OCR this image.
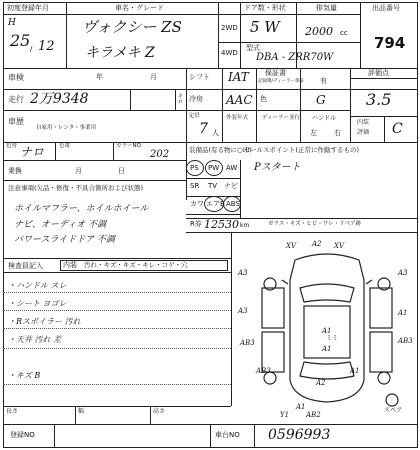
初度登録年月
H
25 12
/
車名・グレード
ヴォクシー ZS
キラメキ Z
2WD
4WD
ドア数・形状
5 W
排気量
2000 cc
型式
DBA - ZRR70W
出品番号
794
車検	年	月	シフト IAT 保証書
記録簿/ディーラー保証 有
評価点
3.5
走行 2万9348	キロ 冷房 AAC 色	G
車歴
自家用・レンタ・事業用
定員
7 人
外装年式	ディーラー並行 ハンドル
左 右
内装
評価 C
色替 ナロ	色番	カラーNO
202
乗換	月	日
装備品(有る物に○印)
PS PW AW
SR TV ナビ
カワ エアB ABS
セールスポイント(正常に作動するもの)
Pスタート
注意事項(欠品・修復・不具合箇所および状態)
ホイルマフラー、ホイルホイール
ナビ、オーディオ 不調
パワースライドドア 不調
R券 12530 km	ガラス・キズ・ヒビ・ワレ・リペア跡
検査員記入	内装 汚れ・キズ・キズ・キレ・コゲ・穴
・ハンドル スレ
・シート ヨゴレ
・Rスポイラー 汚れ
・天井 汚れ 差
・キズ B
XV A2 XV
A3	A3
AB3
A3
A1
AB3
A1
A1
AB3	A1
A2
Y1 AB2
A1
ミミ
スペア
長さ	幅	高さ
登録NO	車台NO 0596993
